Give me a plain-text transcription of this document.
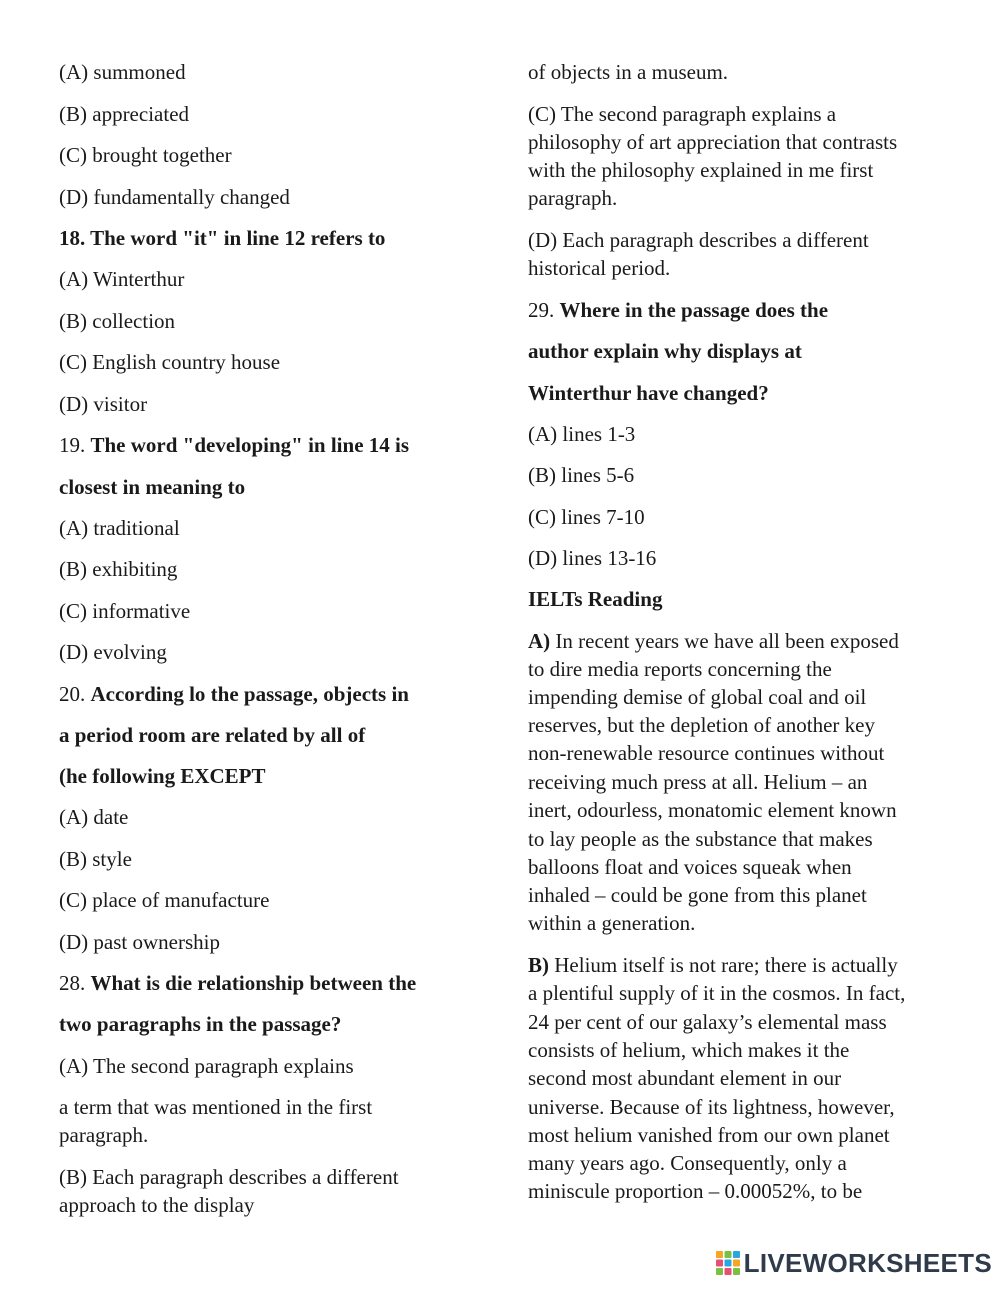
(A) summoned
(B) appreciated
(C) brought together
(D) fundamentally changed
18. The word "it" in line 12 refers to
(A) Winterthur
(B) collection
(C) English country house
(D) visitor
19. The word "developing" in line 14 is
closest in meaning to
(A) traditional
(B) exhibiting
(C) informative
(D) evolving
20. According lo the passage, objects in
a period room are related by all of
(he following EXCEPT
(A) date
(B) style
(C) place of manufacture
(D) past ownership
28. What is die relationship between the
two paragraphs in the passage?
(A) The second paragraph explains
a term that was mentioned in the first
paragraph.
(B) Each paragraph describes a different
approach to the display
of objects in a museum.
(C) The second paragraph explains a
philosophy of art appreciation that contrasts
with the philosophy explained in me first
paragraph.
(D) Each paragraph describes a different
historical period.
29. Where in the passage does the
author explain why displays at
Winterthur have changed?
(A) lines 1-3
(B) lines 5-6
(C) lines 7-10
(D) lines 13-16
IELTs Reading
A) In recent years we have all been exposed
to dire media reports concerning the
impending demise of global coal and oil
reserves, but the depletion of another key
non-renewable resource continues without
receiving much press at all. Helium – an
inert, odourless, monatomic element known
to lay people as the substance that makes
balloons float and voices squeak when
inhaled – could be gone from this planet
within a generation.
B) Helium itself is not rare; there is actually
a plentiful supply of it in the cosmos. In fact,
24 per cent of our galaxy’s elemental mass
consists of helium, which makes it the
second most abundant element in our
universe. Because of its lightness, however,
most helium vanished from our own planet
many years ago. Consequently, only a
miniscule proportion – 0.00052%, to be
LIVEWORKSHEETS
